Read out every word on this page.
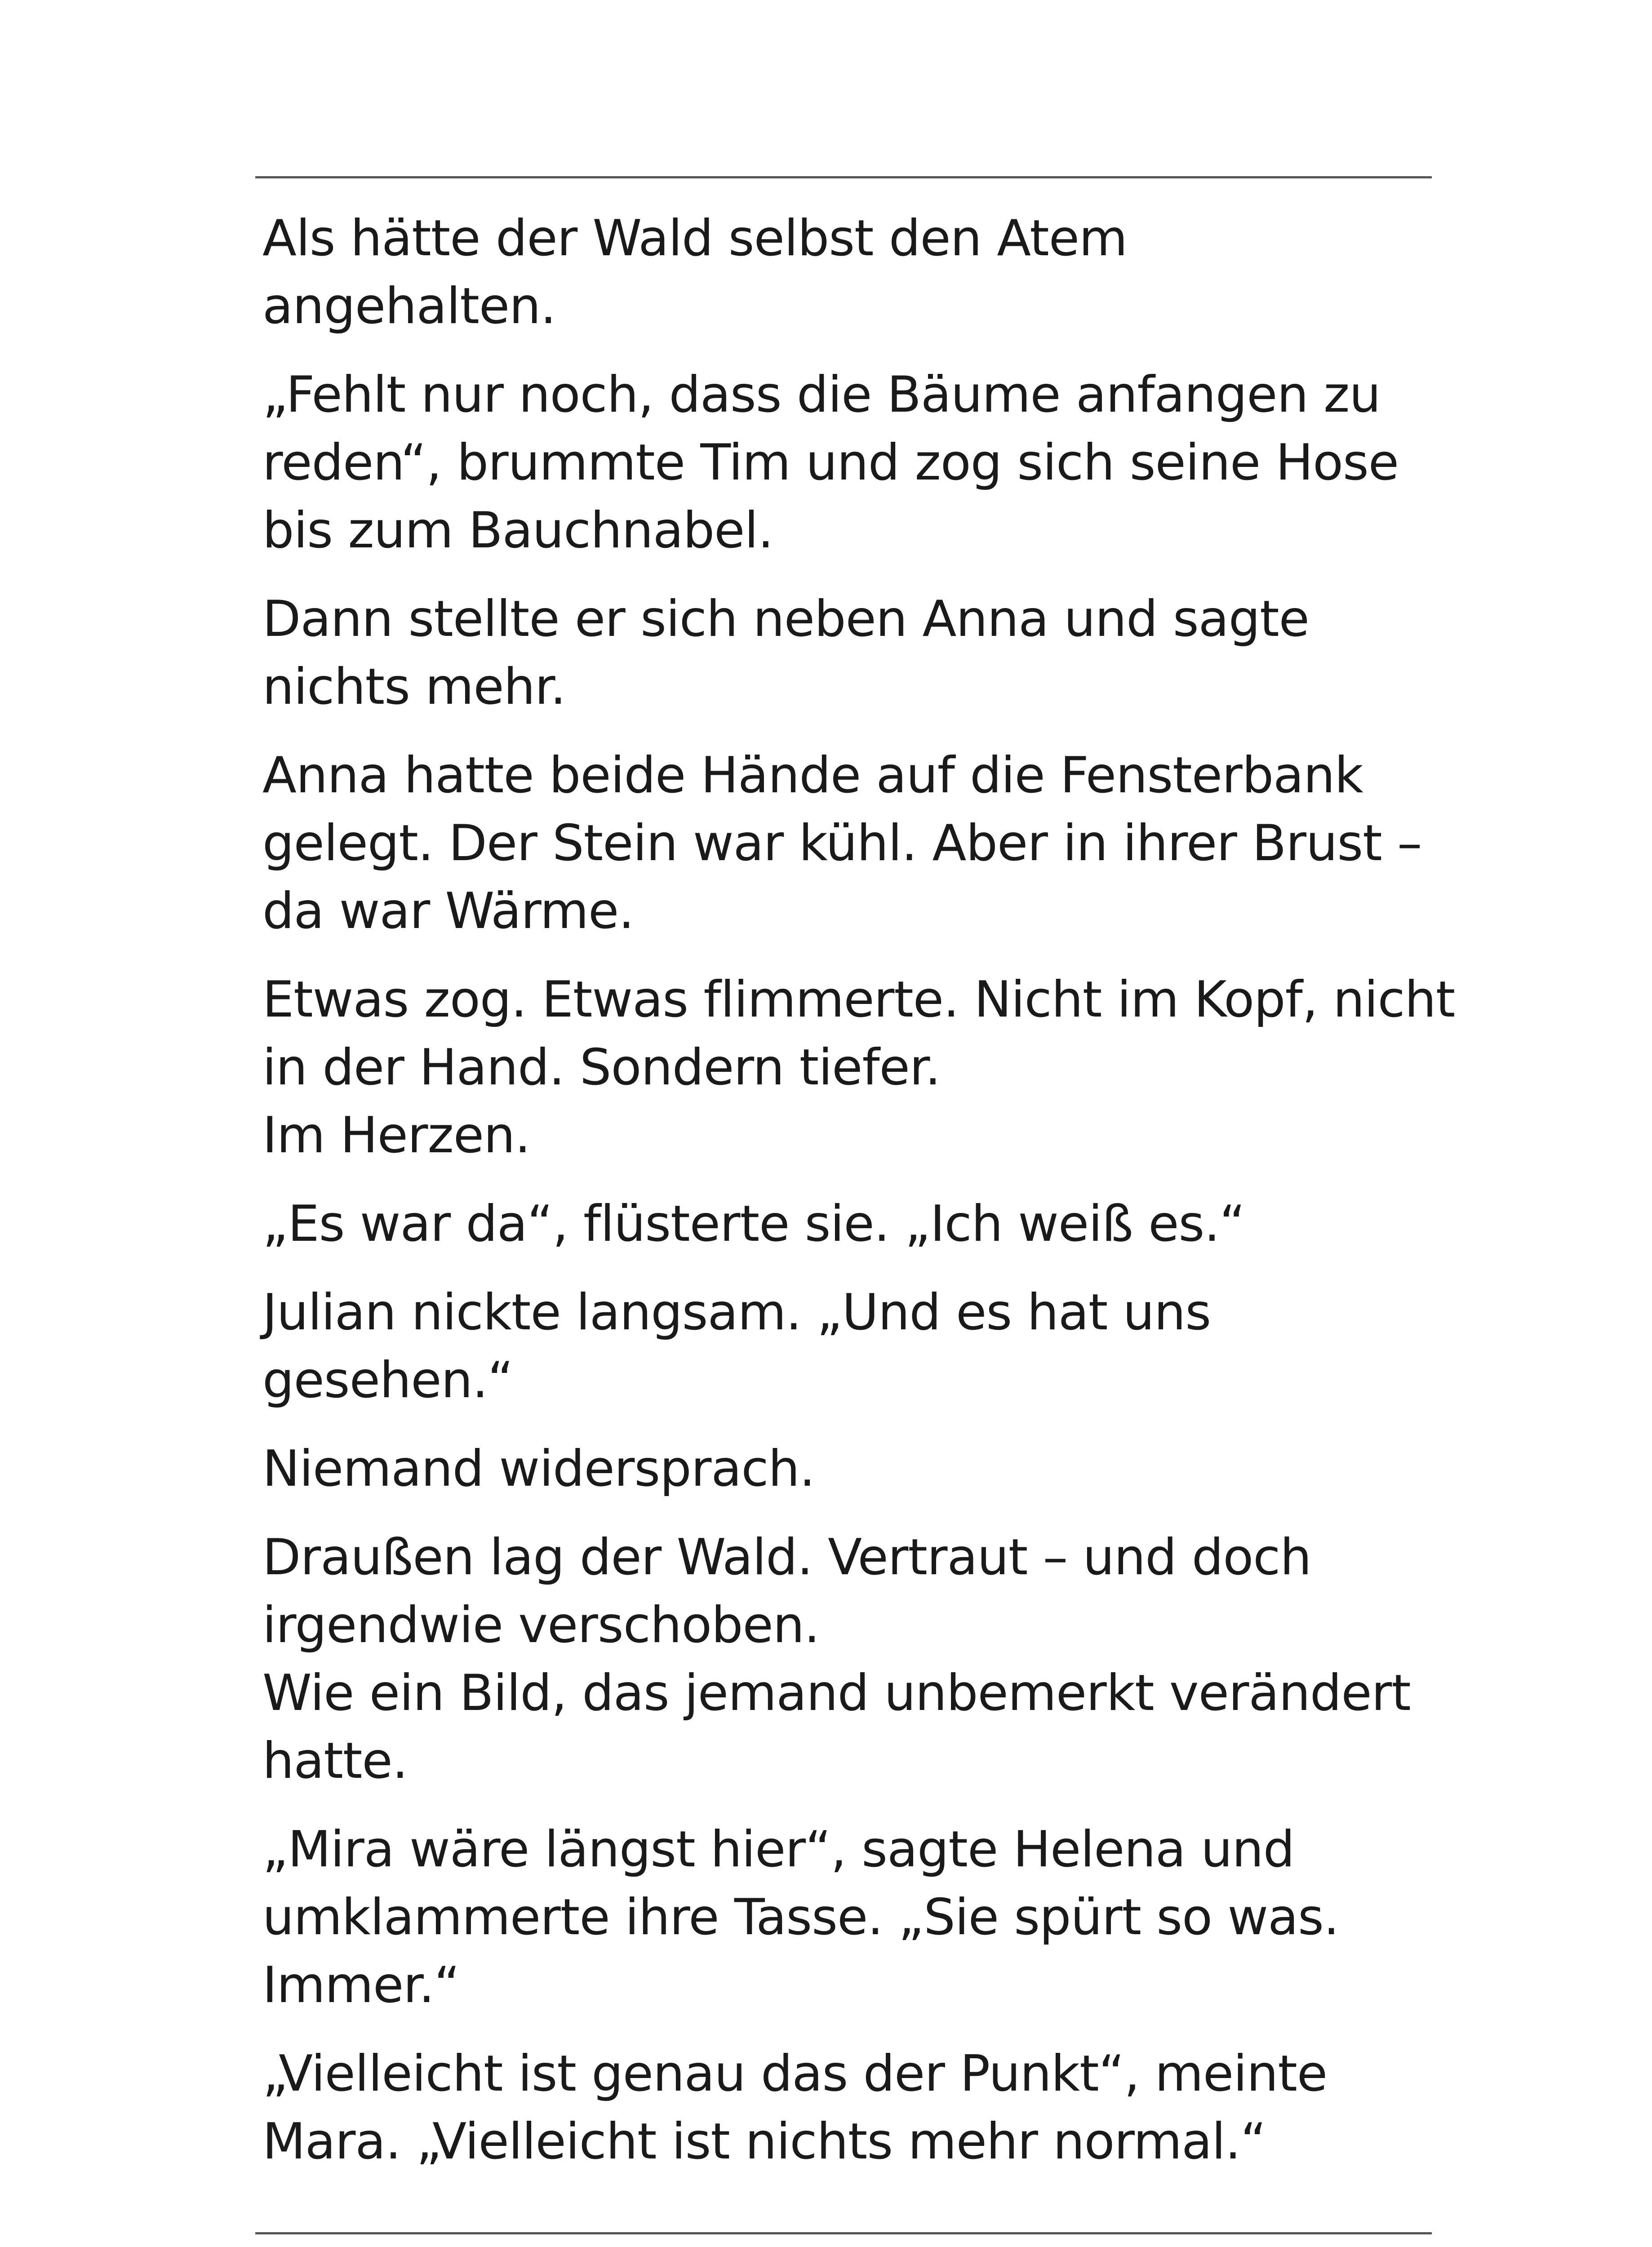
Als hätte der Wald selbst den Atem
angehalten.

„Fehlt nur noch, dass die Bäume anfangen zu
reden“, brummte Tim und zog sich seine Hose
bis zum Bauchnabel.

Dann stellte er sich neben Anna und sagte
nichts mehr.

Anna hatte beide Hände auf die Fensterbank
gelegt. Der Stein war kühl. Aber in ihrer Brust –
da war Wärme.

Etwas zog. Etwas flimmerte. Nicht im Kopf, nicht
in der Hand. Sondern tiefer.
Im Herzen.

„Es war da“, flüsterte sie. „Ich weiß es.“

Julian nickte langsam. „Und es hat uns
gesehen.“

Niemand widersprach.

Draußen lag der Wald. Vertraut – und doch
irgendwie verschoben.
Wie ein Bild, das jemand unbemerkt verändert
hatte.

„Mira wäre längst hier“, sagte Helena und
umklammerte ihre Tasse. „Sie spürt so was.
Immer.“

„Vielleicht ist genau das der Punkt“, meinte
Mara. „Vielleicht ist nichts mehr normal.“
